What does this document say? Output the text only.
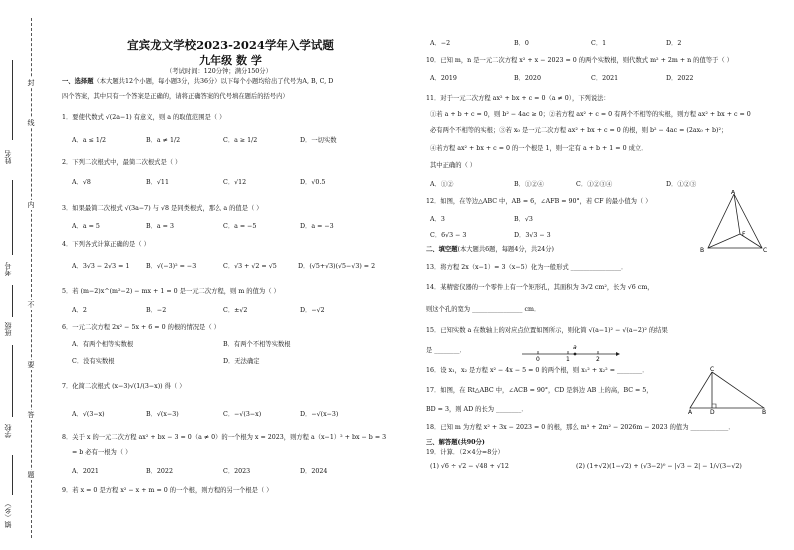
姓名
考号
班级
学校
镇（乡）
封
线
内
不
要
答
题
宜宾龙文学校2023-2024学年入学试题
九年级 数 学
（考试时间：120分钟；满分150分）
一、选择题（本大题共12个小题，每小题3分，共36分）以下每个小题均给出了代号为A, B, C, D
四个答案，其中只有一个答案是正确的，请将正确答案的代号填在题后的括号内）
1．要使代数式 √(2a−1) 有意义，则 a 的取值范围是（ ）
A．a ≤ 1/2	B．a ≠ 1/2	C．a ≥ 1/2	D．一切实数
2．下列二次根式中，最简二次根式是（ ）
A．√8	B．√11	C．√12	D．√0.5
3．如果最简二次根式 √(3a−7) 与 √8 是同类根式，那么 a 的值是（ ）
A．a = 5	B．a = 3	C．a = −5	D．a = −3
4．下列各式计算正确的是（ ）
A．3√3 − 2√3 = 1	B．√(−3)² = −3	C．√3 + √2 = √5	D．(√5+√3)(√5−√3) = 2
5．若 (m−2)x^(m²−2) − mx + 1 = 0 是一元二次方程，则 m 的值为（ ）
A．2	B．−2	C．±√2	D．−√2
6．一元二次方程 2x² − 5x + 6 = 0 的根的情况是（ ）
A．有两个相等实数根	B．有两个不相等实数根
C．没有实数根	D．无法确定
7．化简二次根式 (x−3)√(1/(3−x)) 得（ ）
A．√(3−x)	B．√(x−3)	C．−√(3−x)	D．−√(x−3)
8．关于 x 的一元二次方程 ax² + bx − 3 = 0（a ≠ 0）的一个根为 x = 2023，则方程 a（x−1）² + bx − b = 3
= b 必有一根为（ ）
A．2021	B．2022	C．2023	D．2024
9．若 x = 0 是方程 x² − x + m = 0 的一个根，则方程的另一个根是（ ）
A．−2	B．0	C．1	D．2
10．已知 m，n 是一元二次方程 x² + x − 2023 = 0 的两个实数根，则代数式 m² + 2m + n 的值等于（ ）
A．2019	B．2020	C．2021	D．2022
11．对于一元二次方程 ax² + bx + c = 0（a ≠ 0），下列说法：
①若 a + b + c = 0，则 b² − 4ac ≥ 0；②若方程 ax² + c = 0 有两个不相等的实根，则方程 ax² + bx + c = 0
必有两个不相等的实根；③若 x₀ 是一元二次方程 ax² + bx + c = 0 的根，则 b² − 4ac = (2ax₀ + b)²；
④若方程 ax² + bx + c = 0 的一个根是 1，则一定有 a + b + 1 = 0 成立．
其中正确的（ ）
A．①②	B．①②④	C．①②③④	D．①②③
12．如图，在等边△ABC 中，AB = 6，∠AFB = 90°，若 CF 的最小值为（ ）
A．3	B．√3
C．6√3 − 3	D．3√3 − 3
二、填空题(本大题共6题，每题4分，共24分)
13．将方程 2x（x−1）= 3（x−5）化为一般形式 ________________．
14．某精密仪器的一个零件上有一个矩形孔，其面积为 3√2 cm²，长为 √6 cm，
则这个孔的宽为 ________________ cm．
15．已知实数 a 在数轴上的对应点位置如图所示，则化简 √(a−1)² − √(a−2)² 的结果
是 ________．
16．设 x₁，x₂ 是方程 x² − 4x − 5 = 0 的两个根，则 x₁² + x₂² = ________．
17．如图，在 Rt△ABC 中，∠ACB = 90°，CD 是斜边 AB 上的高，BC = 5，
BD = 3，则 AD 的长为 ________．
18．已知 m 为方程 x² + 3x − 2023 = 0 的根，那么 m³ + 2m² − 2026m − 2023 的值为 ____________．
三、解答题(共90分)
19．计算．（2×4分=8分）
(1) √6 ÷ √2 − √48 + √12	(2) (1+√2)(1−√2) + (√3−2)⁰ − |√3 − 2| − 1/√(3−√2)
A
F
B	C
0	1	2
a
C
A	D	B
